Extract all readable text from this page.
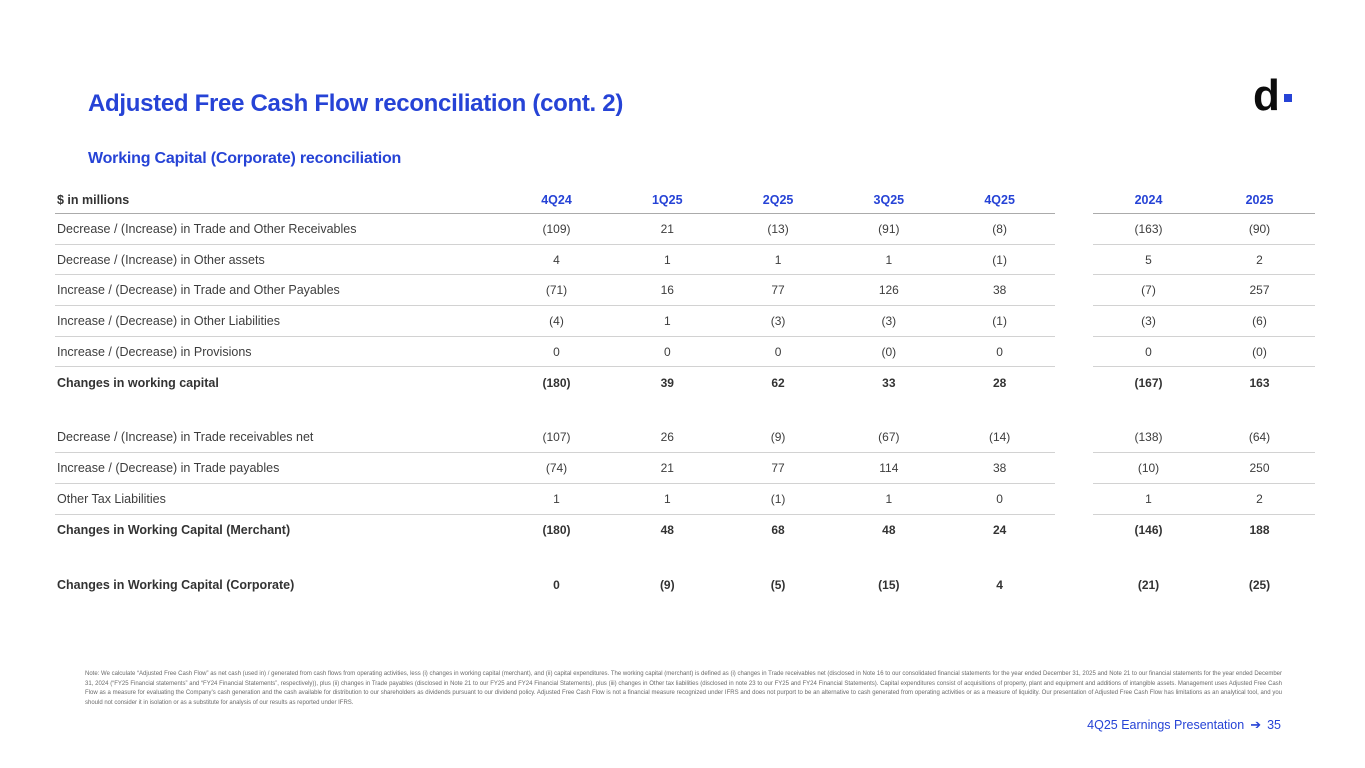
Adjusted Free Cash Flow reconciliation (cont. 2)	d
Working Capital (Corporate) reconciliation
$ in millions	4Q24	1Q25	2Q25	3Q25	4Q25	2024	2025
Decrease / (Increase) in Trade and Other Receivables	(109)	21	(13)	(91)	(8)	(163)	(90)
Decrease / (Increase) in Other assets	4	1	1	1	(1)	5	2
Increase / (Decrease) in Trade and Other Payables	(71)	16	77	126	38	(7)	257
Increase / (Decrease) in Other Liabilities	(4)	1	(3)	(3)	(1)	(3)	(6)
Increase / (Decrease) in Provisions	0	0	0	(0)	0	0	(0)
Changes in working capital	(180)	39	62	33	28	(167)	163
Decrease / (Increase) in Trade receivables net	(107)	26	(9)	(67)	(14)	(138)	(64)
Increase / (Decrease) in Trade payables	(74)	21	77	114	38	(10)	250
Other Tax Liabilities	1	1	(1)	1	0	1	2
Changes in Working Capital (Merchant)	(180)	48	68	48	24	(146)	188
Changes in Working Capital (Corporate)	0	(9)	(5)	(15)	4	(21)	(25)
Note: We calculate “Adjusted Free Cash Flow” as net cash (used in) / generated from cash flows from operating activities, less (i) changes in working capital (merchant), and (ii) capital expenditures. The working capital (merchant) is defined as (i) changes in Trade receivables net (disclosed in Note 16 to our consolidated financial statements for the year ended December 31, 2025 and Note 21 to our financial statements for the year ended December 31, 2024 (“FY25 Financial statements” and “FY24 Financial Statements”, respectively)), plus (ii) changes in Trade payables (disclosed in Note 21 to our FY25 and FY24 Financial Statements), plus (iii) changes in Other tax liabilities (disclosed in note 23 to our FY25 and FY24 Financial Statements). Capital expenditures consist of acquisitions of property, plant and equipment and additions of intangible assets. Management uses Adjusted Free Cash Flow as a measure for evaluating the Company’s cash generation and the cash available for distribution to our shareholders as dividends pursuant to our dividend policy. Adjusted Free Cash Flow is not a financial measure recognized under IFRS and does not purport to be an alternative to cash generated from operating activities or as a measure of liquidity. Our presentation of Adjusted Free Cash Flow has limitations as an analytical tool, and you should not consider it in isolation or as a substitute for analysis of our results as reported under IFRS.
4Q25 Earnings Presentation ➔ 35
